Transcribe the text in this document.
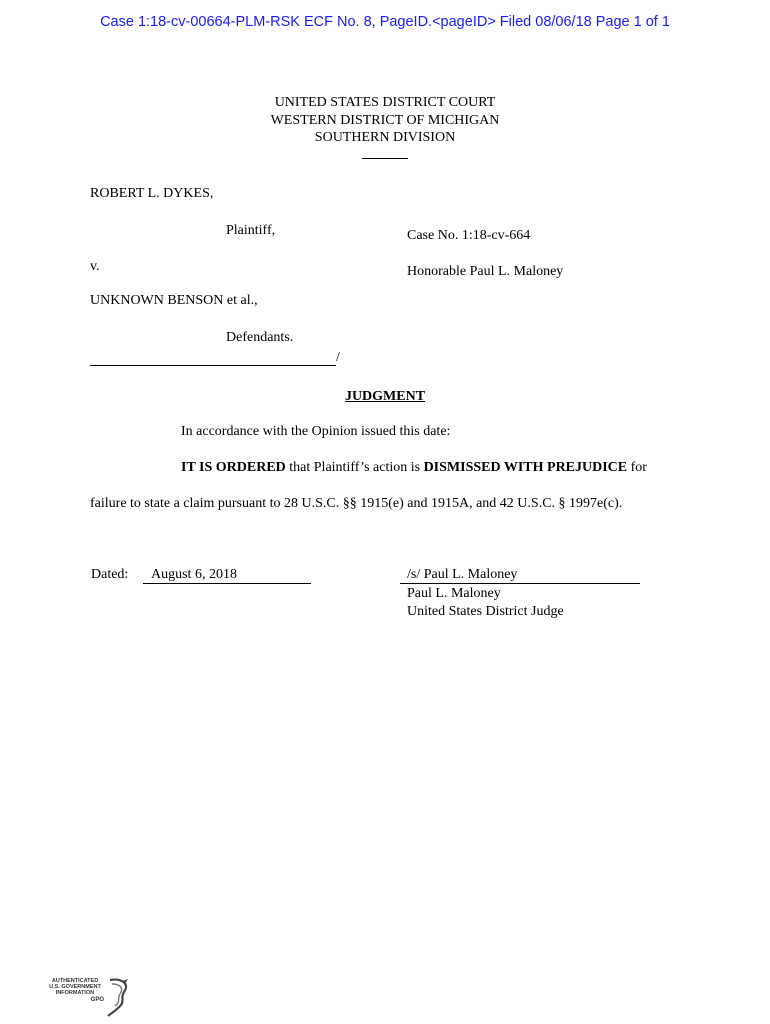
Case 1:18-cv-00664-PLM-RSK ECF No. 8, PageID.<pageID> Filed 08/06/18 Page 1 of 1
UNITED STATES DISTRICT COURT
WESTERN DISTRICT OF MICHIGAN
SOUTHERN DIVISION
ROBERT L. DYKES,
Plaintiff,	Case No. 1:18-cv-664
v.	Honorable Paul L. Maloney
UNKNOWN BENSON et al.,
Defendants.
/
JUDGMENT
In accordance with the Opinion issued this date:
IT IS ORDERED that Plaintiff’s action is DISMISSED WITH PREJUDICE for
failure to state a claim pursuant to 28 U.S.C. §§ 1915(e) and 1915A, and 42 U.S.C. § 1997e(c).
Dated: August 6, 2018	/s/ Paul L. Maloney
Paul L. Maloney
United States District Judge
AUTHENTICATED
U.S. GOVERNMENT
INFORMATION
GPO
